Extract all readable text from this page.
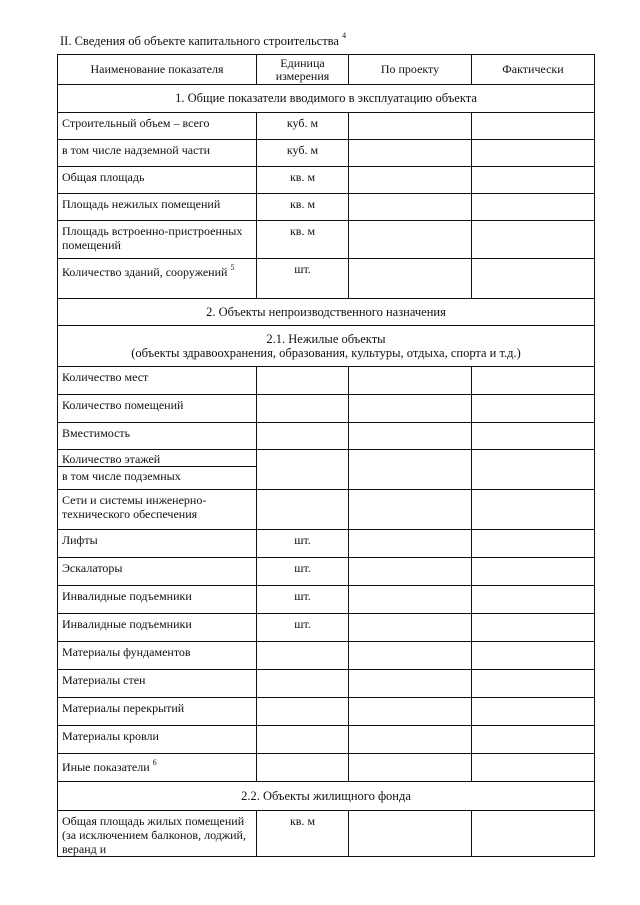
II. Сведения об объекте капитального строительства $^4$
Наименование показателя	Единица измерения	По проекту	Фактически
1. Общие показатели вводимого в эксплуатацию объекта			
Строительный объем – всего	куб. м		
в том числе надземной части	куб. м		
Общая площадь	кв. м		
Площадь нежилых помещений	кв. м		
Площадь встроенно-пристроенных помещений	кв. м		
Количество зданий, сооружений $^5$	шт.		
2. Объекты непроизводственного назначения			

2.1. Нежилые объекты
(объекты здравоохранения, образования, культуры, отдыха, спорта и т.д.)			

Количество мест			
Количество помещений			
Вместимость			

Количество этажей
в том числе подземных			

Сети и системы инженерно-технического обеспечения			
Лифты	шт.		
Эскалаторы	шт.		
Инвалидные подъемники	шт.		
Инвалидные подъемники	шт.		
Материалы фундаментов			
Материалы стен			
Материалы перекрытий			
Материалы кровли			
Иные показатели $^6$			
2.2. Объекты жилищного фонда			
Общая площадь жилых помещений (за исключением балконов, лоджий, веранд и	кв. м		
